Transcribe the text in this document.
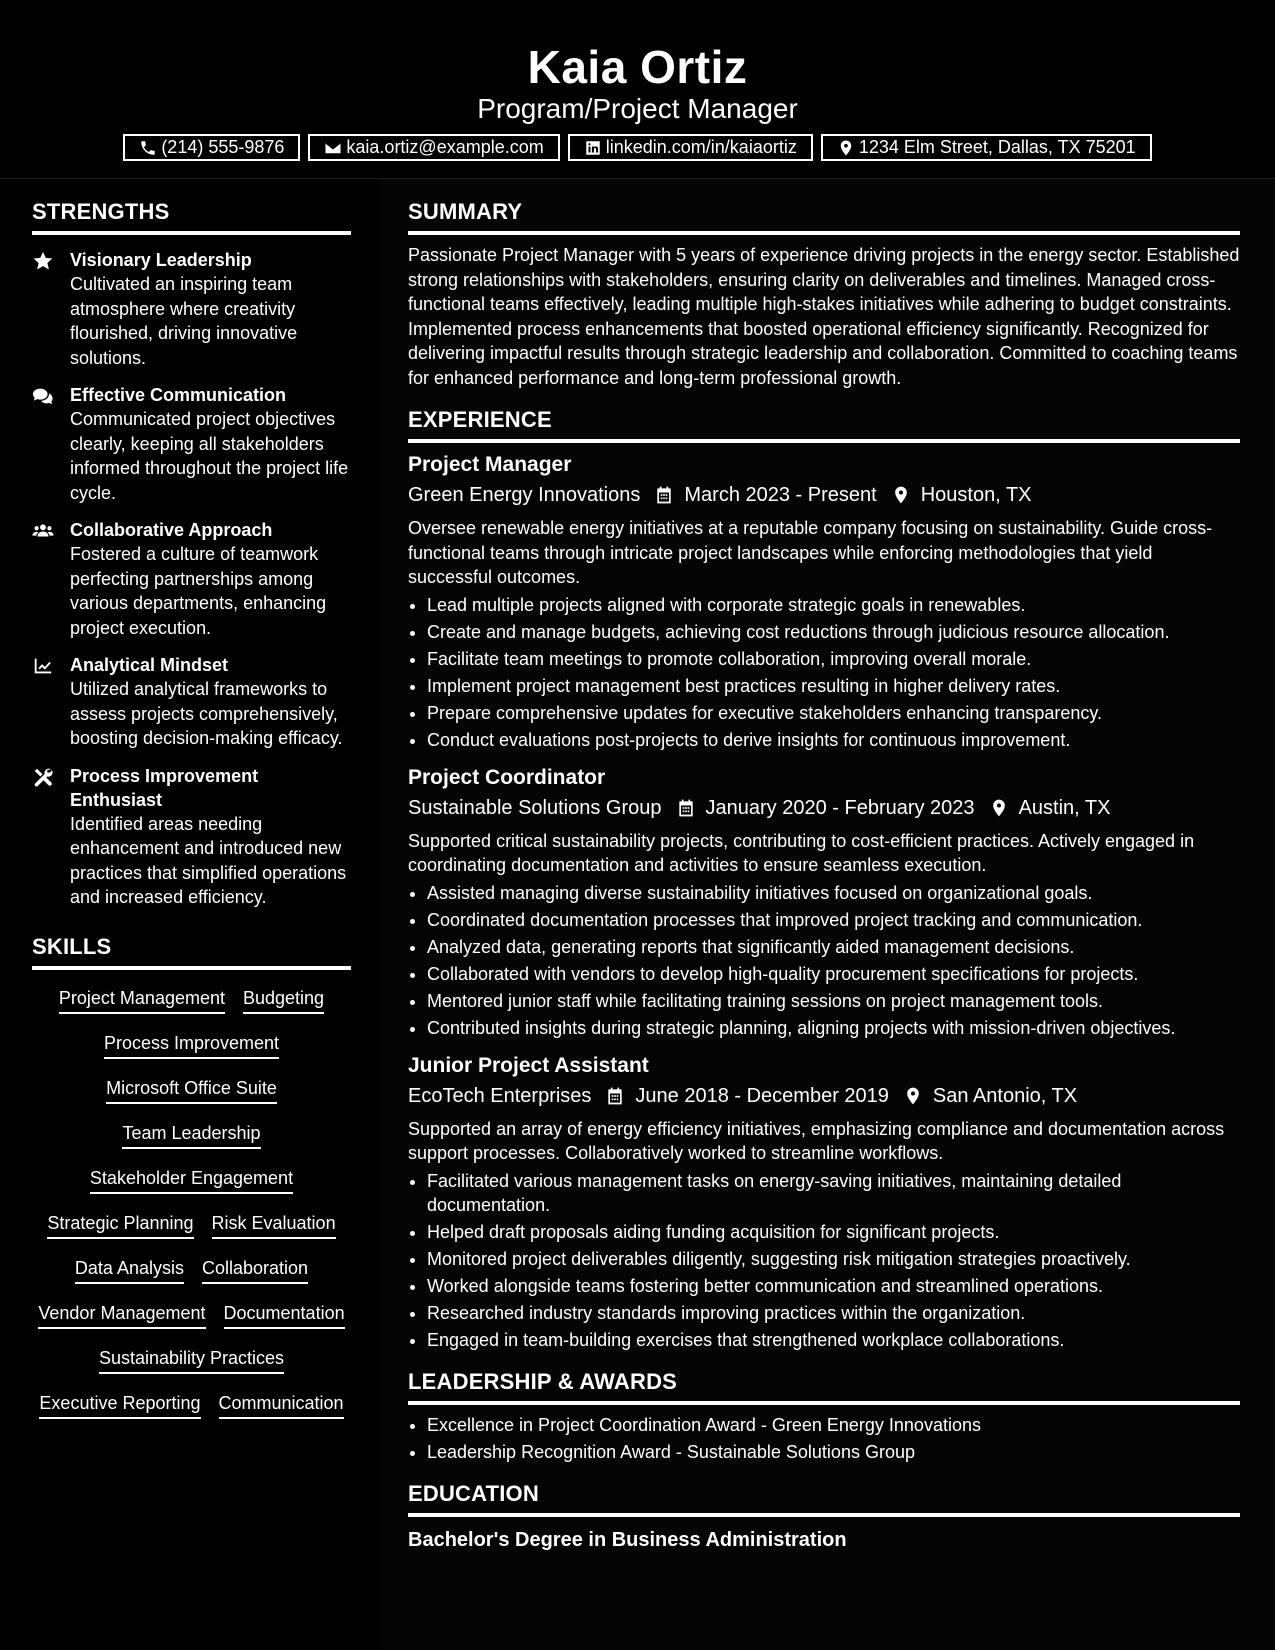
Kaia Ortiz
Program/Project Manager
(214) 555-9876	kaia.ortiz@example.com	linkedin.com/in/kaiaortiz	1234 Elm Street, Dallas, TX 75201
STRENGTHS
Visionary Leadership
Cultivated an inspiring team atmosphere where creativity flourished, driving innovative solutions.
Effective Communication
Communicated project objectives clearly, keeping all stakeholders informed throughout the project life cycle.
Collaborative Approach
Fostered a culture of teamwork perfecting partnerships among various departments, enhancing project execution.
Analytical Mindset
Utilized analytical frameworks to assess projects comprehensively, boosting decision-making efficacy.
Process Improvement Enthusiast
Identified areas needing enhancement and introduced new practices that simplified operations and increased efficiency.
SKILLS
Project Management Budgeting
Process Improvement
Microsoft Office Suite
Team Leadership
Stakeholder Engagement
Strategic Planning Risk Evaluation
Data Analysis Collaboration
Vendor Management Documentation
Sustainability Practices
Executive Reporting Communication
SUMMARY
Passionate Project Manager with 5 years of experience driving projects in the energy sector. Established strong relationships with stakeholders, ensuring clarity on deliverables and timelines. Managed cross-functional teams effectively, leading multiple high-stakes initiatives while adhering to budget constraints. Implemented process enhancements that boosted operational efficiency significantly. Recognized for delivering impactful results through strategic leadership and collaboration. Committed to coaching teams for enhanced performance and long-term professional growth.
EXPERIENCE
Project Manager
Green Energy Innovations March 2023 - Present Houston, TX
Oversee renewable energy initiatives at a reputable company focusing on sustainability. Guide cross-functional teams through intricate project landscapes while enforcing methodologies that yield successful outcomes.
• Lead multiple projects aligned with corporate strategic goals in renewables.
• Create and manage budgets, achieving cost reductions through judicious resource allocation.
• Facilitate team meetings to promote collaboration, improving overall morale.
• Implement project management best practices resulting in higher delivery rates.
• Prepare comprehensive updates for executive stakeholders enhancing transparency.
• Conduct evaluations post-projects to derive insights for continuous improvement.
Project Coordinator
Sustainable Solutions Group January 2020 - February 2023 Austin, TX
Supported critical sustainability projects, contributing to cost-efficient practices. Actively engaged in coordinating documentation and activities to ensure seamless execution.
• Assisted managing diverse sustainability initiatives focused on organizational goals.
• Coordinated documentation processes that improved project tracking and communication.
• Analyzed data, generating reports that significantly aided management decisions.
• Collaborated with vendors to develop high-quality procurement specifications for projects.
• Mentored junior staff while facilitating training sessions on project management tools.
• Contributed insights during strategic planning, aligning projects with mission-driven objectives.
Junior Project Assistant
EcoTech Enterprises June 2018 - December 2019 San Antonio, TX
Supported an array of energy efficiency initiatives, emphasizing compliance and documentation across support processes. Collaboratively worked to streamline workflows.
• Facilitated various management tasks on energy-saving initiatives, maintaining detailed documentation.
• Helped draft proposals aiding funding acquisition for significant projects.
• Monitored project deliverables diligently, suggesting risk mitigation strategies proactively.
• Worked alongside teams fostering better communication and streamlined operations.
• Researched industry standards improving practices within the organization.
• Engaged in team-building exercises that strengthened workplace collaborations.
LEADERSHIP & AWARDS
• Excellence in Project Coordination Award - Green Energy Innovations
• Leadership Recognition Award - Sustainable Solutions Group
EDUCATION
Bachelor's Degree in Business Administration
